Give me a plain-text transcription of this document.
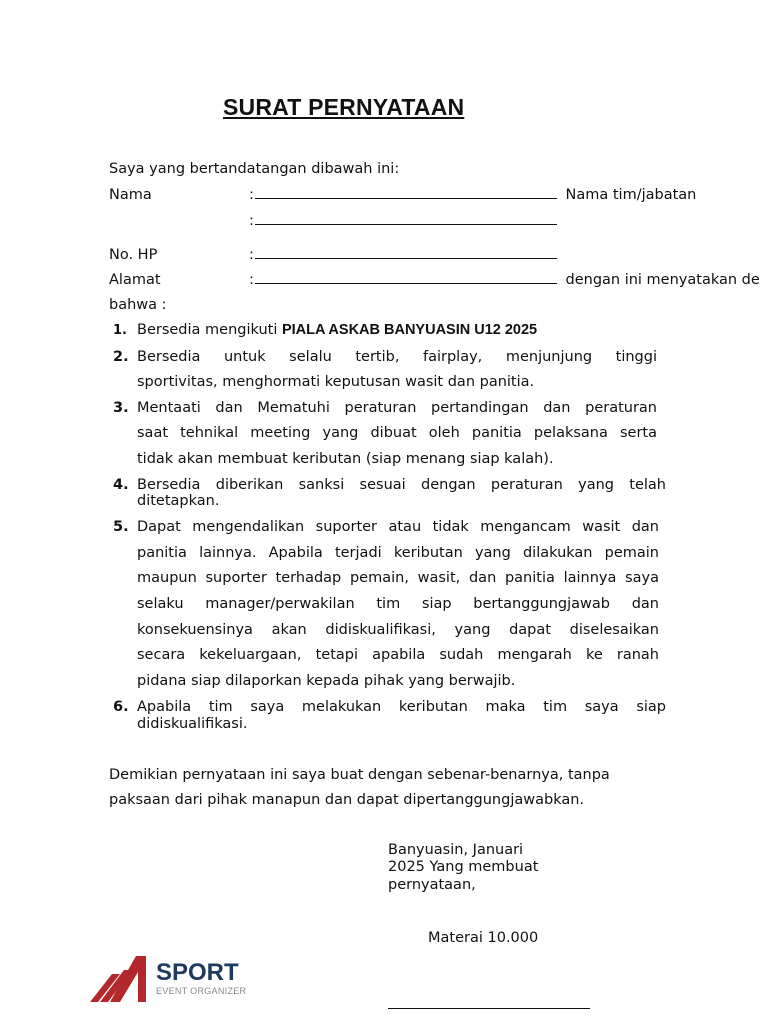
SURAT PERNYATAAN
Saya yang bertandatangan dibawah ini:
Nama	:	Nama tim/jabatan
:
No. HP	:
Alamat	:	dengan ini menyatakan de
bahwa :
1. Bersedia mengikuti PIALA ASKAB BANYUASIN U12 2025
2. Bersedia untuk selalu tertib, fairplay, menjunjung tinggi
sportivitas, menghormati keputusan wasit dan panitia.
3. Mentaati dan Mematuhi peraturan pertandingan dan peraturan
saat tehnikal meeting yang dibuat oleh panitia pelaksana serta
tidak akan membuat keributan (siap menang siap kalah).
4. Bersedia diberikan sanksi sesuai dengan peraturan yang telah
ditetapkan.
5. Dapat mengendalikan suporter atau tidak mengancam wasit dan
panitia lainnya. Apabila terjadi keributan yang dilakukan pemain
maupun suporter terhadap pemain, wasit, dan panitia lainnya saya
selaku manager/perwakilan tim siap bertanggungjawab dan
konsekuensinya akan didiskualifikasi, yang dapat diselesaikan
secara kekeluargaan, tetapi apabila sudah mengarah ke ranah
pidana siap dilaporkan kepada pihak yang berwajib.
6. Apabila tim saya melakukan keributan maka tim saya siap
didiskualifikasi.
Demikian pernyataan ini saya buat dengan sebenar-benarnya, tanpa
paksaan dari pihak manapun dan dapat dipertanggungjawabkan.
Banyuasin, Januari
2025 Yang membuat
pernyataan,
Materai 10.000
SPORT
EVENT ORGANIZER
